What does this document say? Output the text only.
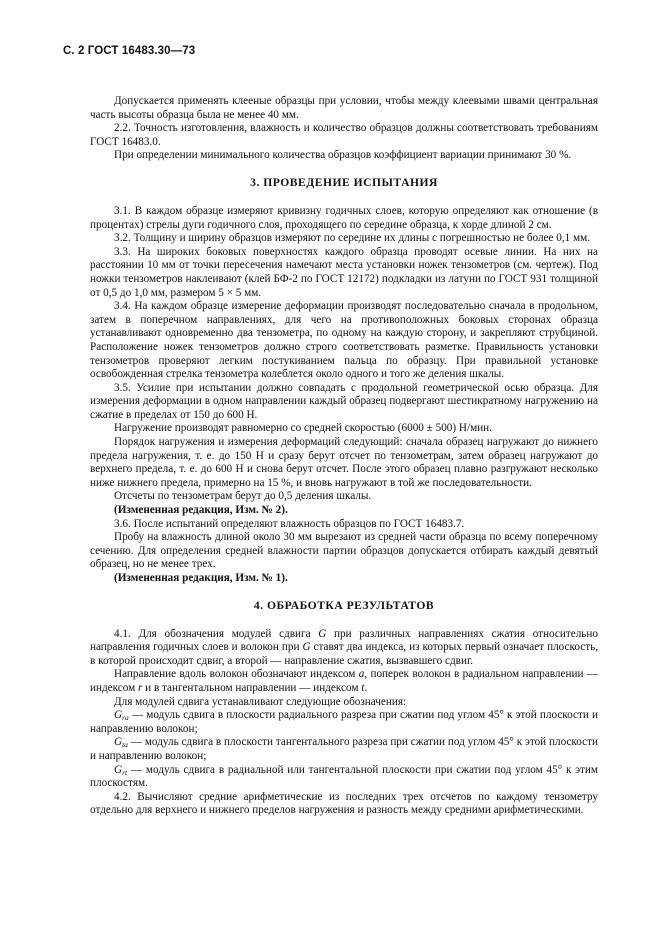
С. 2 ГОСТ 16483.30—73

Допускается применять клееные образцы при условии, чтобы между клеевыми швами центральная часть высоты образца была не менее 40 мм.

2.2. Точность изготовления, влажность и количество образцов должны соответствовать требованиям ГОСТ 16483.0.

При определении минимального количества образцов коэффициент вариации принимают 30 %.

3. ПРОВЕДЕНИЕ ИСПЫТАНИЯ

3.1. В каждом образце измеряют кривизну годичных слоев, которую определяют как отношение (в процентах) стрелы дуги годичного слоя, проходящего по середине образца, к хорде длиной 2 см.

3.2. Толщину и ширину образцов измеряют по середине их длины с погрешностью не более 0,1 мм.

3.3. На широких боковых поверхностях каждого образца проводят осевые линии. На них на расстоянии 10 мм от точки пересечения намечают места установки ножек тензометров (см. чертеж). Под ножки тензометров наклеивают (клей БФ-2 по ГОСТ 12172) подкладки из латуни по ГОСТ 931 толщиной от 0,5 до 1,0 мм, размером 5 × 5 мм.

3.4. На каждом образце измерение деформации производят последовательно сначала в продольном, затем в поперечном направлениях, для чего на противоположных боковых сторонах образца устанавливают одновременно два тензометра, по одному на каждую сторону, и закрепляют струбциной. Расположение ножек тензометров должно строго соответствовать разметке. Правильность установки тензометров проверяют легким постукиванием пальца по образцу. При правильной установке освобожденная стрелка тензометра колеблется около одного и того же деления шкалы.

3.5. Усилие при испытании должно совпадать с продольной геометрической осью образца. Для измерения деформации в одном направлении каждый образец подвергают шестикратному нагружению на сжатие в пределах от 150 до 600 Н.

Нагружение производят равномерно со средней скоростью (6000 ± 500) Н/мин.

Порядок нагружения и измерения деформаций следующий: сначала образец нагружают до нижнего предела нагружения, т. е. до 150 Н и сразу берут отсчет по тензометрам, затем образец нагружают до верхнего предела, т. е. до 600 Н и снова берут отсчет. После этого образец плавно разгружают несколько ниже нижнего предела, примерно на 15 %, и вновь нагружают в той же последовательности.

Отсчеты по тензометрам берут до 0,5 деления шкалы.

(Измененная редакция, Изм. № 2).

3.6. После испытаний определяют влажность образцов по ГОСТ 16483.7.

Пробу на влажность длиной около 30 мм вырезают из средней части образца по всему поперечному сечению. Для определения средней влажности партии образцов допускается отбирать каждый девятый образец, но не менее трех.

(Измененная редакция, Изм. № 1).

4. ОБРАБОТКА РЕЗУЛЬТАТОВ

4.1. Для обозначения модулей сдвига G при различных направлениях сжатия относительно направления годичных слоев и волокон при G ставят два индекса, из которых первый означает плоскость, в которой происходит сдвиг, а второй — направление сжатия, вызвавшего сдвиг.

Направление вдоль волокон обозначают индексом a, поперек волокон в радиальном направлении — индексом r и в тангентальном направлении — индексом t.

Для модулей сдвига устанавливают следующие обозначения:

$G_{ra}$ — модуль сдвига в плоскости радиального разреза при сжатии под углом 45° к этой плоскости и направлению волокон;

$G_{ta}$ — модуль сдвига в плоскости тангентального разреза при сжатии под углом 45° к этой плоскости и направлению волокон;

$G_{rt}$ — модуль сдвига в радиальной или тангентальной плоскости при сжатии под углом 45° к этим плоскостям.

4.2. Вычисляют средние арифметические из последних трех отсчетов по каждому тензометру отдельно для верхнего и нижнего пределов нагружения и разность между средними арифметическими.
